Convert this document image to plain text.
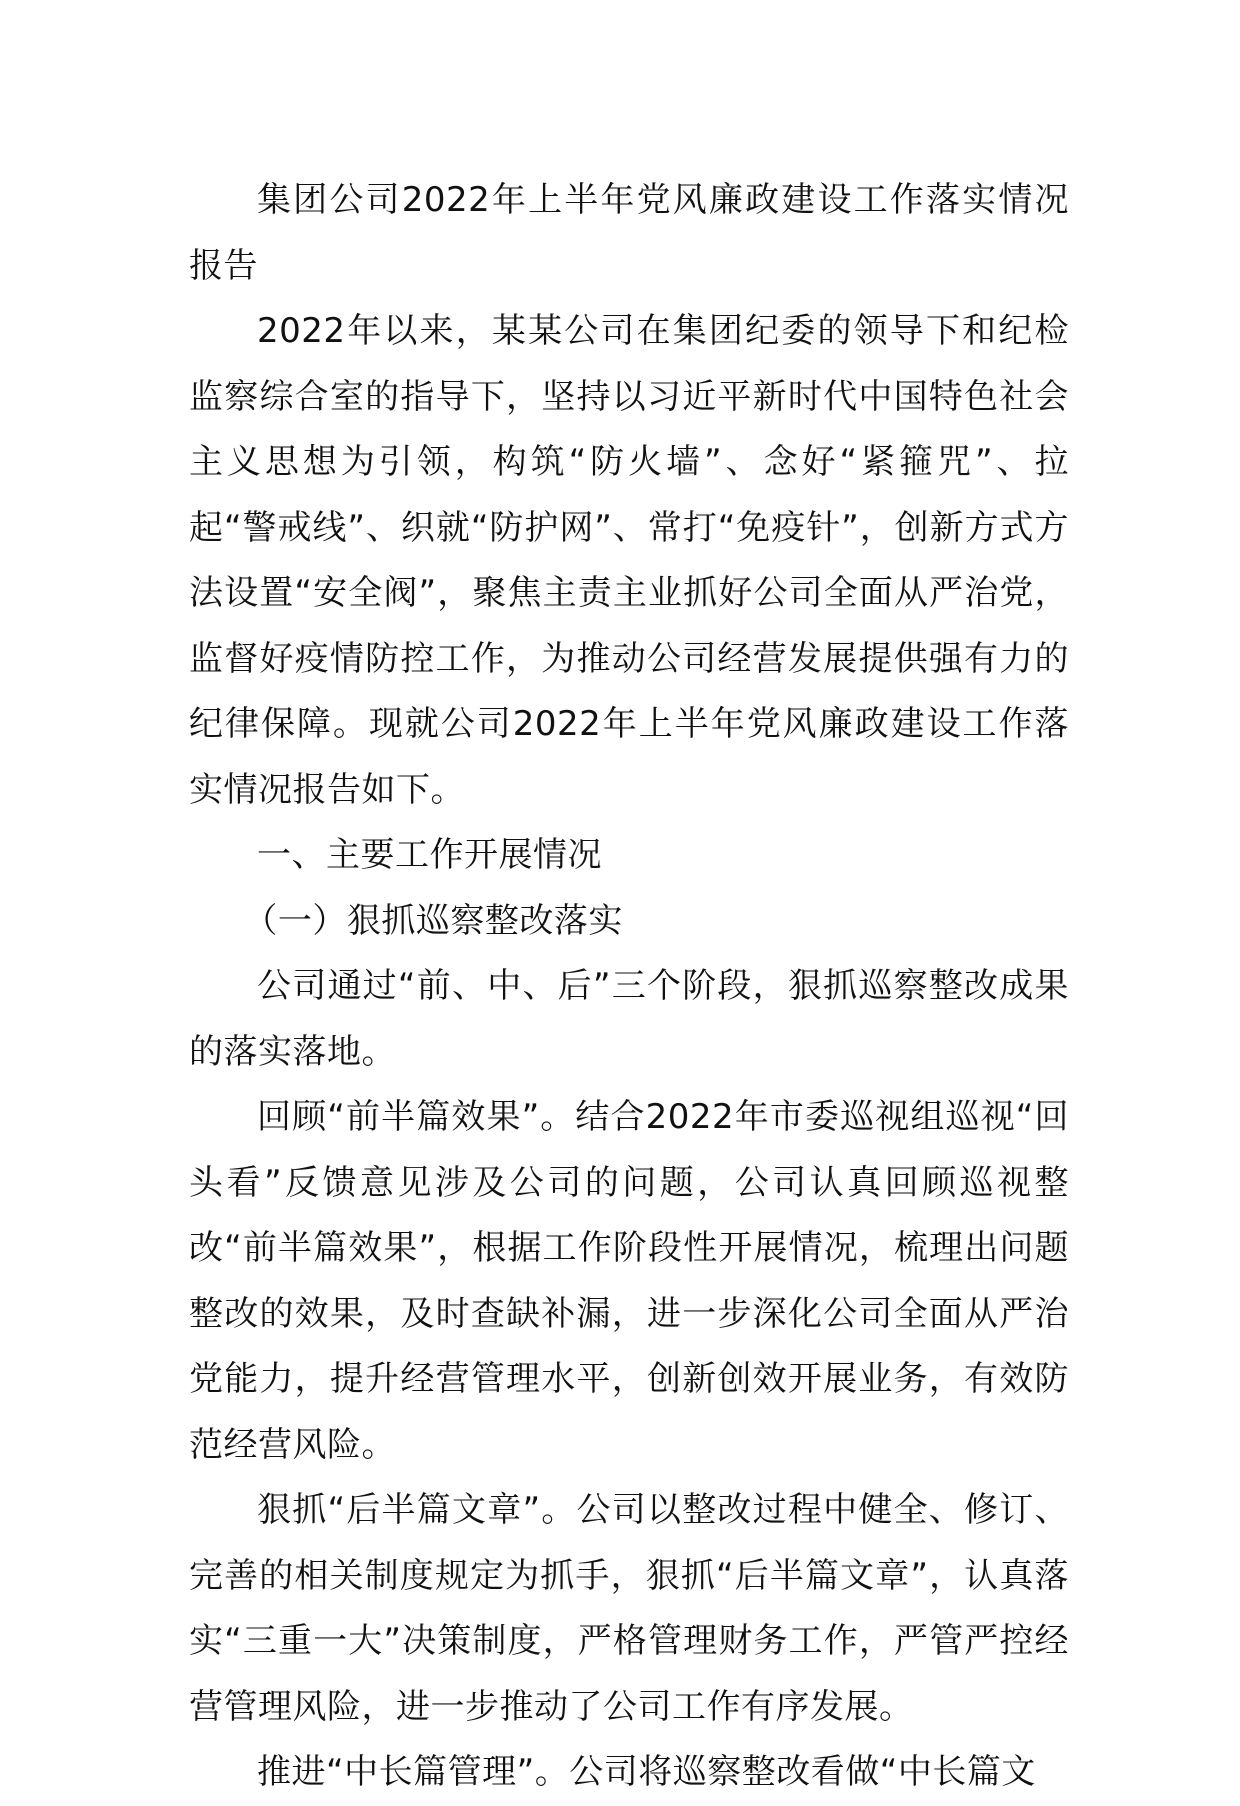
集团公司2022年上半年党风廉政建设工作落实情况报告

2022年以来，某某公司在集团纪委的领导下和纪检监察综合室的指导下，坚持以习近平新时代中国特色社会主义思想为引领，构筑“防火墙”、念好“紧箍咒”、拉起“警戒线”、织就“防护网”、常打“免疫针”，创新方式方法设置“安全阀”，聚焦主责主业抓好公司全面从严治党，监督好疫情防控工作，为推动公司经营发展提供强有力的纪律保障。现就公司2022年上半年党风廉政建设工作落实情况报告如下。

一、主要工作开展情况

（一）狠抓巡察整改落实

公司通过“前、中、后”三个阶段，狠抓巡察整改成果的落实落地。

回顾“前半篇效果”。结合2022年市委巡视组巡视“回头看”反馈意见涉及公司的问题，公司认真回顾巡视整改“前半篇效果”，根据工作阶段性开展情况，梳理出问题整改的效果，及时查缺补漏，进一步深化公司全面从严治党能力，提升经营管理水平，创新创效开展业务，有效防范经营风险。

狠抓“后半篇文章”。公司以整改过程中健全、修订、完善的相关制度规定为抓手，狠抓“后半篇文章”，认真落实“三重一大”决策制度，严格管理财务工作，严管严控经营管理风险，进一步推动了公司工作有序发展。

推进“中长篇管理”。公司将巡察整改看做“中长篇文
